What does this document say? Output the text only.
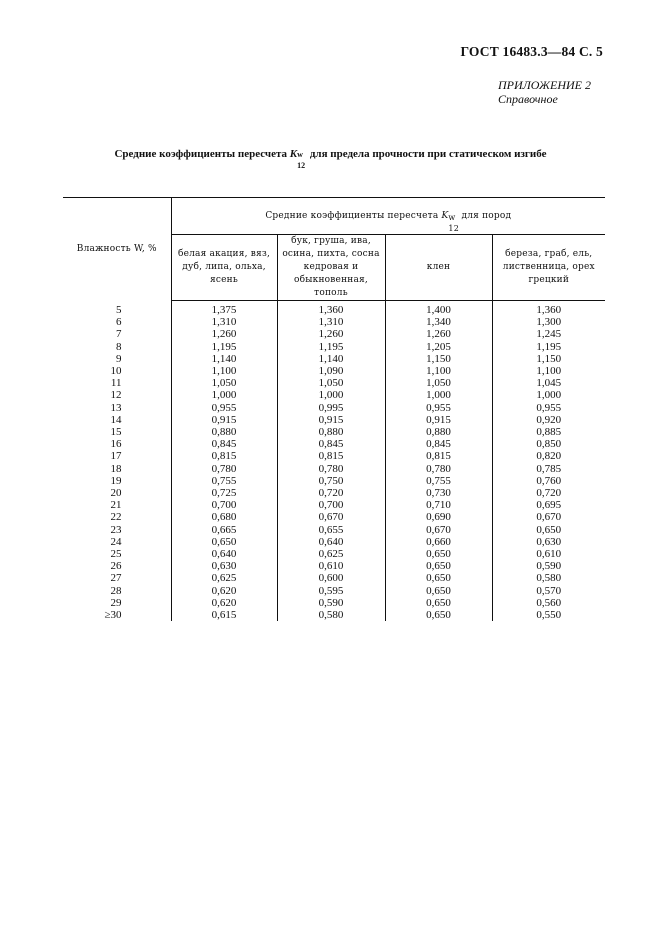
ГОСТ 16483.3—84 С. 5
ПРИЛОЖЕНИЕ 2
Справочное
Средние коэффициенты пересчета K w
12
для предела прочности при статическом изгибе
Влажность W, %	Средние коэффициенты пересчета K w
12
для пород			
	белая акация, вяз, дуб, липа, ольха, ясень	бук, груша, ива, осина, пихта, сосна кедровая и обыкновенная, тополь	клен	береза, граб, ель, лиственница, орех грецкий
5	1,375	1,360	1,400	1,360
6	1,310	1,310	1,340	1,300
7	1,260	1,260	1,260	1,245
8	1,195	1,195	1,205	1,195
9	1,140	1,140	1,150	1,150
10	1,100	1,090	1,100	1,100
11	1,050	1,050	1,050	1,045
12	1,000	1,000	1,000	1,000
13	0,955	0,995	0,955	0,955
14	0,915	0,915	0,915	0,920
15	0,880	0,880	0,880	0,885
16	0,845	0,845	0,845	0,850
17	0,815	0,815	0,815	0,820
18	0,780	0,780	0,780	0,785
19	0,755	0,750	0,755	0,760
20	0,725	0,720	0,730	0,720
21	0,700	0,700	0,710	0,695
22	0,680	0,670	0,690	0,670
23	0,665	0,655	0,670	0,650
24	0,650	0,640	0,660	0,630
25	0,640	0,625	0,650	0,610
26	0,630	0,610	0,650	0,590
27	0,625	0,600	0,650	0,580
28	0,620	0,595	0,650	0,570
29	0,620	0,590	0,650	0,560
≥30	0,615	0,580	0,650	0,550
